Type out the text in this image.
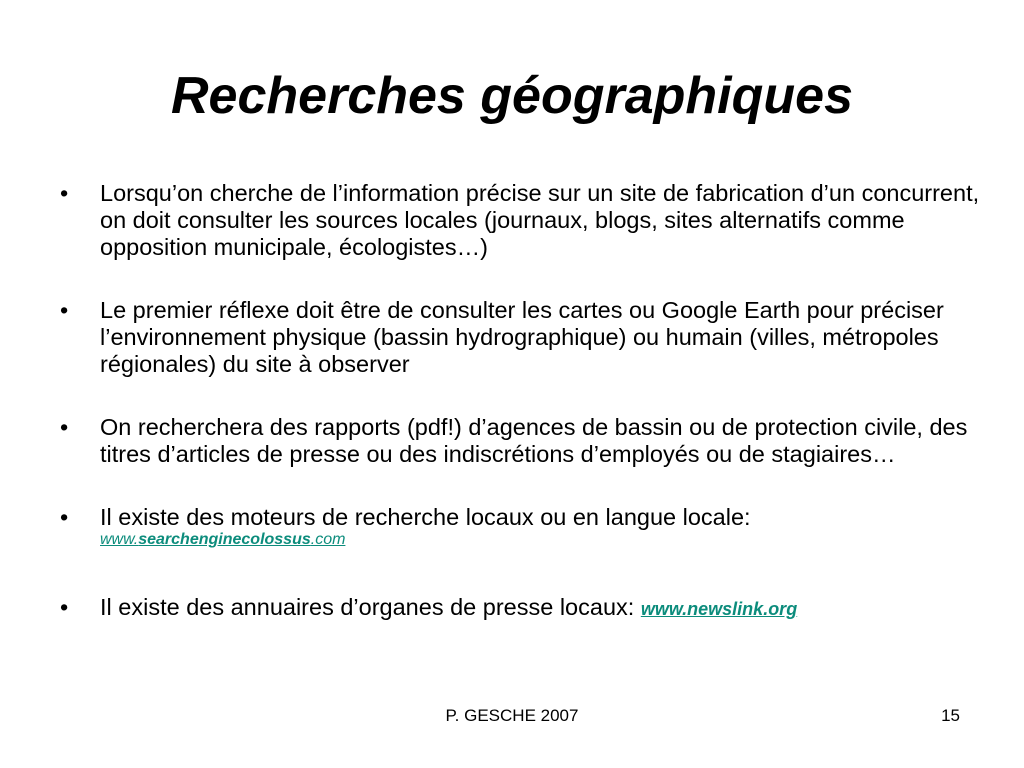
Recherches géographiques
•	Lorsqu’on cherche de l’information précise sur un site de fabrication d’un concurrent, on doit consulter les sources locales (journaux, blogs, sites alternatifs comme opposition municipale, écologistes…)
•	Le premier réflexe doit être de consulter les cartes ou Google Earth pour préciser l’environnement physique (bassin hydrographique) ou humain (villes, métropoles régionales) du site à observer
•	On recherchera des rapports (pdf!) d’agences de bassin ou de protection civile, des titres d’articles de presse ou des indiscrétions d’employés ou de stagiaires…
•	Il existe des moteurs de recherche locaux ou en langue locale:
www.searchenginecolossus.com
•	Il existe des annuaires d’organes de presse locaux: www.newslink.org
P. GESCHE 2007	15
